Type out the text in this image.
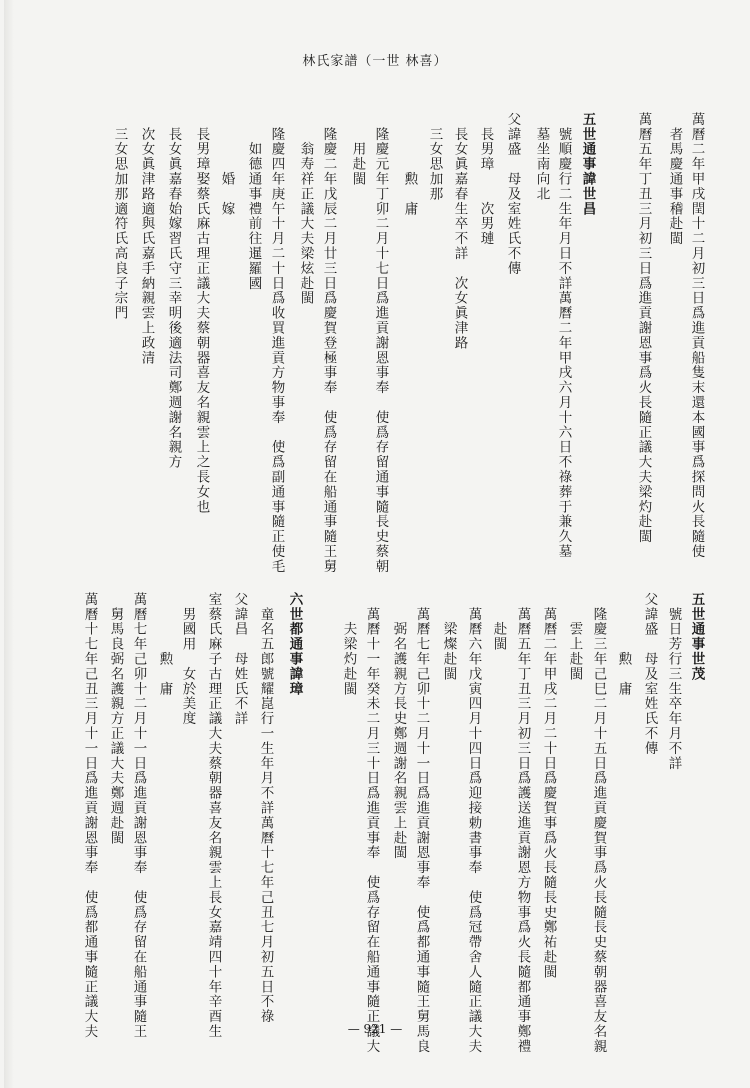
林氏家譜（一世 林喜）
萬曆二年甲戌閏十二月初三日爲進貢船隻末還本國事爲探問火長隨使
　者馬慶通事稽赴閩
萬曆五年丁丑三月初三日爲進貢謝恩事爲火長隨正議大夫梁灼赴閩
五世通事諱世昌
　號順慶行二生年月日不詳萬曆二年甲戌六月十六日不祿葬于兼久墓
　墓坐南向北
父諱盛　母及室姓氏不傳
　長男璋　　次男璉
　長女眞嘉春生卒不詳　次女眞津路
　三女思加那
　　　　勲　庸
　隆慶元年丁卯二月十七日爲進貢謝恩事奉　使爲存留通事隨長史蔡朝
　　用赴閩
　隆慶二年戊辰二月廿三日爲慶賀登極事奉　使爲存留在船通事隨王舅
　　翁寿祥正議大夫梁炫赴閩
　隆慶四年庚午十月二十日爲收買進貢方物事奉　使爲副通事隨正使毛
　　如德通事禮前往暹羅國
　　　　婚　嫁
　長男璋娶蔡氏麻古理正議大夫蔡朝器喜友名親雲上之長女也
　長女眞嘉春始嫁習氏守三幸明後適法司鄭週謝名親方
　次女眞津路適與氏嘉手納親雲上政清
　三女思加那適符氏高良子宗門
五世通事世茂
　號日芳行三生卒年月不詳
父諱盛　母及室姓氏不傳
　　　　勲　庸
　隆慶三年己巳二月十五日爲進貢慶賀事爲火長隨長史蔡朝器喜友名親
　　雲上赴閩
　萬曆二年甲戌二月二十日爲慶賀事爲火長隨長史鄭祐赴閩
　萬曆五年丁丑三月初三日爲護送進貢謝恩方物事爲火長隨都通事鄭禮
　　赴閩
　萬曆六年戊寅四月十四日爲迎接勅書事奉　使爲冠帶舍人隨正議大夫
　　梁燦赴閩
　萬曆七年己卯十二月十一日爲進貢謝恩事奉　使爲都通事隨王舅馬良
　　弼名護親方長史鄭週謝名親雲上赴閩
　萬曆十一年癸未二月三十日爲進貢事奉　使爲存留在船通事隨正議大
　　夫梁灼赴閩
六世都通事諱璋
　童名五郎號耀崑行一生年月不詳萬曆十七年己丑七月初五日不祿
父諱昌　母姓氏不詳
室蔡氏麻子古理正議大夫蔡朝器喜友名親雲上長女嘉靖四十年辛酉生
　男國用　女於美度
　　　　勲　庸
萬曆七年己卯十二月十一日爲進貢謝恩事奉　使爲存留在船通事隨王
　舅馬良弼名護親方正議大夫鄭週赴閩
萬曆十七年己丑三月十一日爲進貢謝恩事奉　使爲都通事隨正議大夫	— 921 —
